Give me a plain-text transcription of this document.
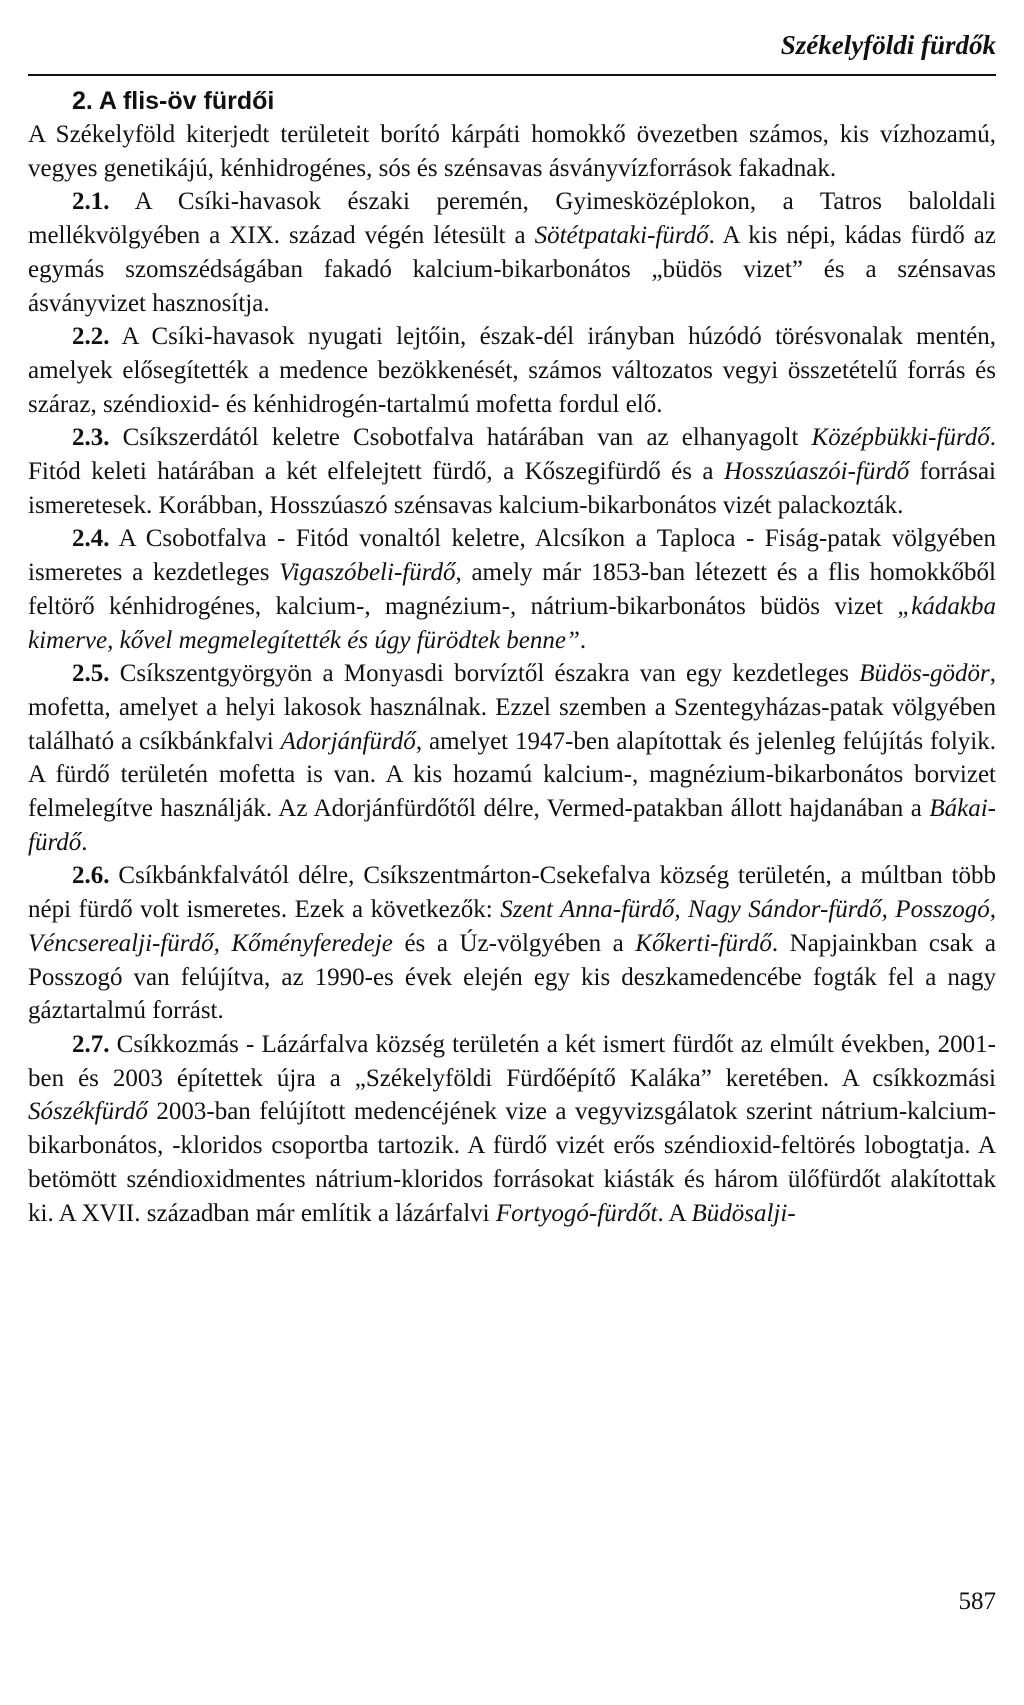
Székelyföldi fürdők
2. A flis-öv fürdői

A Székelyföld kiterjedt területeit borító kárpáti homokkő övezetben számos, kis vízhozamú, vegyes genetikájú, kénhidrogénes, sós és szénsavas ásványvízforrások fakadnak.

2.1. A Csíki-havasok északi peremén, Gyimesközéplokon, a Tatros baloldali mellékvölgyében a XIX. század végén létesült a Sötétpataki-fürdő. A kis népi, kádas fürdő az egymás szomszédságában fakadó kalcium-bikarbonátos „büdös vizet” és a szénsavas ásványvizet hasznosítja.

2.2. A Csíki-havasok nyugati lejtőin, észak-dél irányban húzódó törésvonalak mentén, amelyek elősegítették a medence bezökkenését, számos változatos vegyi összetételű forrás és száraz, széndioxid- és kénhidrogén-tartalmú mofetta fordul elő.

2.3. Csíkszerdától keletre Csobotfalva határában van az elhanyagolt Középbükki-fürdő. Fitód keleti határában a két elfelejtett fürdő, a Kőszegifürdő és a Hosszúaszói-fürdő forrásai ismeretesek. Korábban, Hosszúaszó szénsavas kalcium-bikarbonátos vizét palackozták.

2.4. A Csobotfalva - Fitód vonaltól keletre, Alcsíkon a Taploca - Fiság-patak völgyében ismeretes a kezdetleges Vigaszóbeli-fürdő, amely már 1853-ban létezett és a flis homokkőből feltörő kénhidrogénes, kalcium-, magnézium-, nátrium-bikarbonátos büdös vizet „kádakba kimerve, kővel megmelegítették és úgy fürödtek benne”.

2.5. Csíkszentgyörgyön a Monyasdi borvíztől északra van egy kezdetleges Büdös-gödör, mofetta, amelyet a helyi lakosok használnak. Ezzel szemben a Szentegyházas-patak völgyében található a csíkbánkfalvi Adorjánfürdő, amelyet 1947-ben alapítottak és jelenleg felújítás folyik. A fürdő területén mofetta is van. A kis hozamú kalcium-, magnézium-bikarbonátos borvizet felmelegítve használják. Az Adorjánfürdőtől délre, Vermed-patakban állott hajdanában a Bákai-fürdő.

2.6. Csíkbánkfalvától délre, Csíkszentmárton-Csekefalva község területén, a múltban több népi fürdő volt ismeretes. Ezek a következők: Szent Anna-fürdő, Nagy Sándor-fürdő, Posszogó, Véncserealji-fürdő, Kőményferedeje és a Úz-völgyében a Kőkerti-fürdő. Napjainkban csak a Posszogó van felújítva, az 1990-es évek elején egy kis deszkamedencébe fogták fel a nagy gáztartalmú forrást.

2.7. Csíkkozmás - Lázárfalva község területén a két ismert fürdőt az elmúlt években, 2001-ben és 2003 építettek újra a „Székelyföldi Fürdőépítő Kaláka” keretében. A csíkkozmási Sószékfürdő 2003-ban felújított medencéjének vize a vegyvizsgálatok szerint nátrium-kalcium-bikarbonátos, -kloridos csoportba tartozik. A fürdő vizét erős széndioxid-feltörés lobogtatja. A betömött széndioxidmentes nátrium-kloridos forrásokat kiásták és három ülőfürdőt alakítottak ki. A XVII. században már említik a lázárfalvi Fortyogó-fürdőt. A Büdösalji-

587
